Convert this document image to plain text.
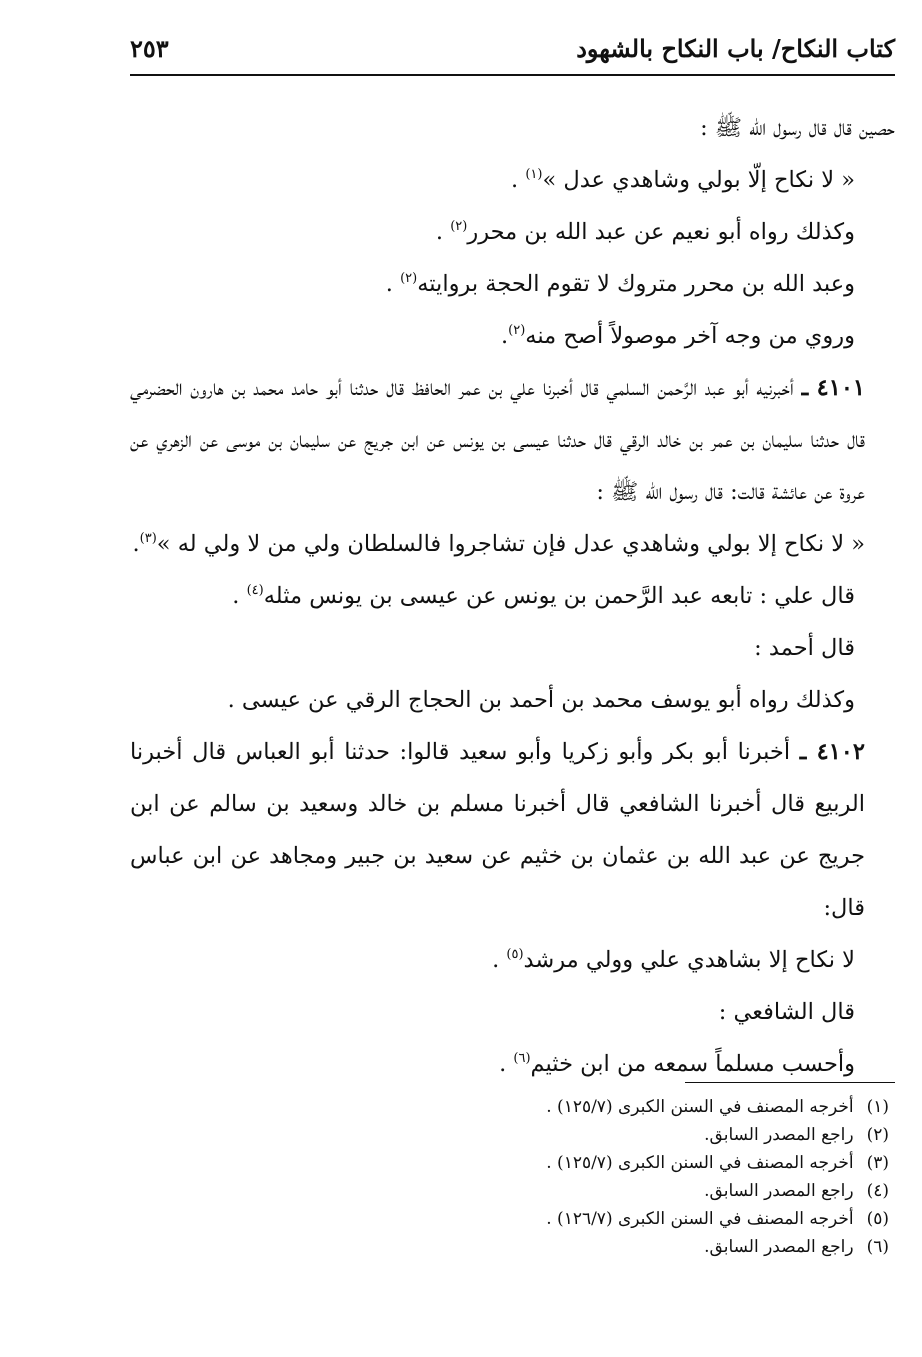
كتاب النكاح/ باب النكاح بالشهود
٢٥٣

حصين قال قال رسول الله ﷺ :

« لا نكاح إلّا بولي وشاهدي عدل »$^{(١)}$ .

وكذلك رواه أبو نعيم عن عبد الله بن محرر$^{(٢)}$ .

وعبد الله بن محرر متروك لا تقوم الحجة بروايته$^{(٢)}$ .

وروي من وجه آخر موصولاً أصح منه$^{(٢)}$.

٤١٠١ ـ أخبرنيه أبو عبد الرَّحمن السلمي قال أخبرنا علي بن عمر الحافظ قال حدثنا أبو حامد محمد بن هارون الحضرمي قال حدثنا سليمان بن عمر بن خالد الرقي قال حدثنا عيسى بن يونس عن ابن جريج عن سليمان بن موسى عن الزهري عن عروة عن عائشة قالت: قال رسول الله ﷺ :

« لا نكاح إلا بولي وشاهدي عدل فإن تشاجروا فالسلطان ولي من لا ولي له »$^{(٣)}$.

قال علي : تابعه عبد الرَّحمن بن يونس عن عيسى بن يونس مثله$^{(٤)}$ .

قال أحمد :

وكذلك رواه أبو يوسف محمد بن أحمد بن الحجاج الرقي عن عيسى .

٤١٠٢ ـ أخبرنا أبو بكر وأبو زكريا وأبو سعيد قالوا: حدثنا أبو العباس قال أخبرنا الربيع قال أخبرنا الشافعي قال أخبرنا مسلم بن خالد وسعيد بن سالم عن ابن جريج عن عبد الله بن عثمان بن خثيم عن سعيد بن جبير ومجاهد عن ابن عباس قال:

لا نكاح إلا بشاهدي علي وولي مرشد$^{(٥)}$ .

قال الشافعي :

وأحسب مسلماً سمعه من ابن خثيم$^{(٦)}$ .

(١) أخرجه المصنف في السنن الكبرى (١٢٥/٧) .
(٢) راجع المصدر السابق.
(٣) أخرجه المصنف في السنن الكبرى (١٢٥/٧) .
(٤) راجع المصدر السابق.
(٥) أخرجه المصنف في السنن الكبرى (١٢٦/٧) .
(٦) راجع المصدر السابق.
